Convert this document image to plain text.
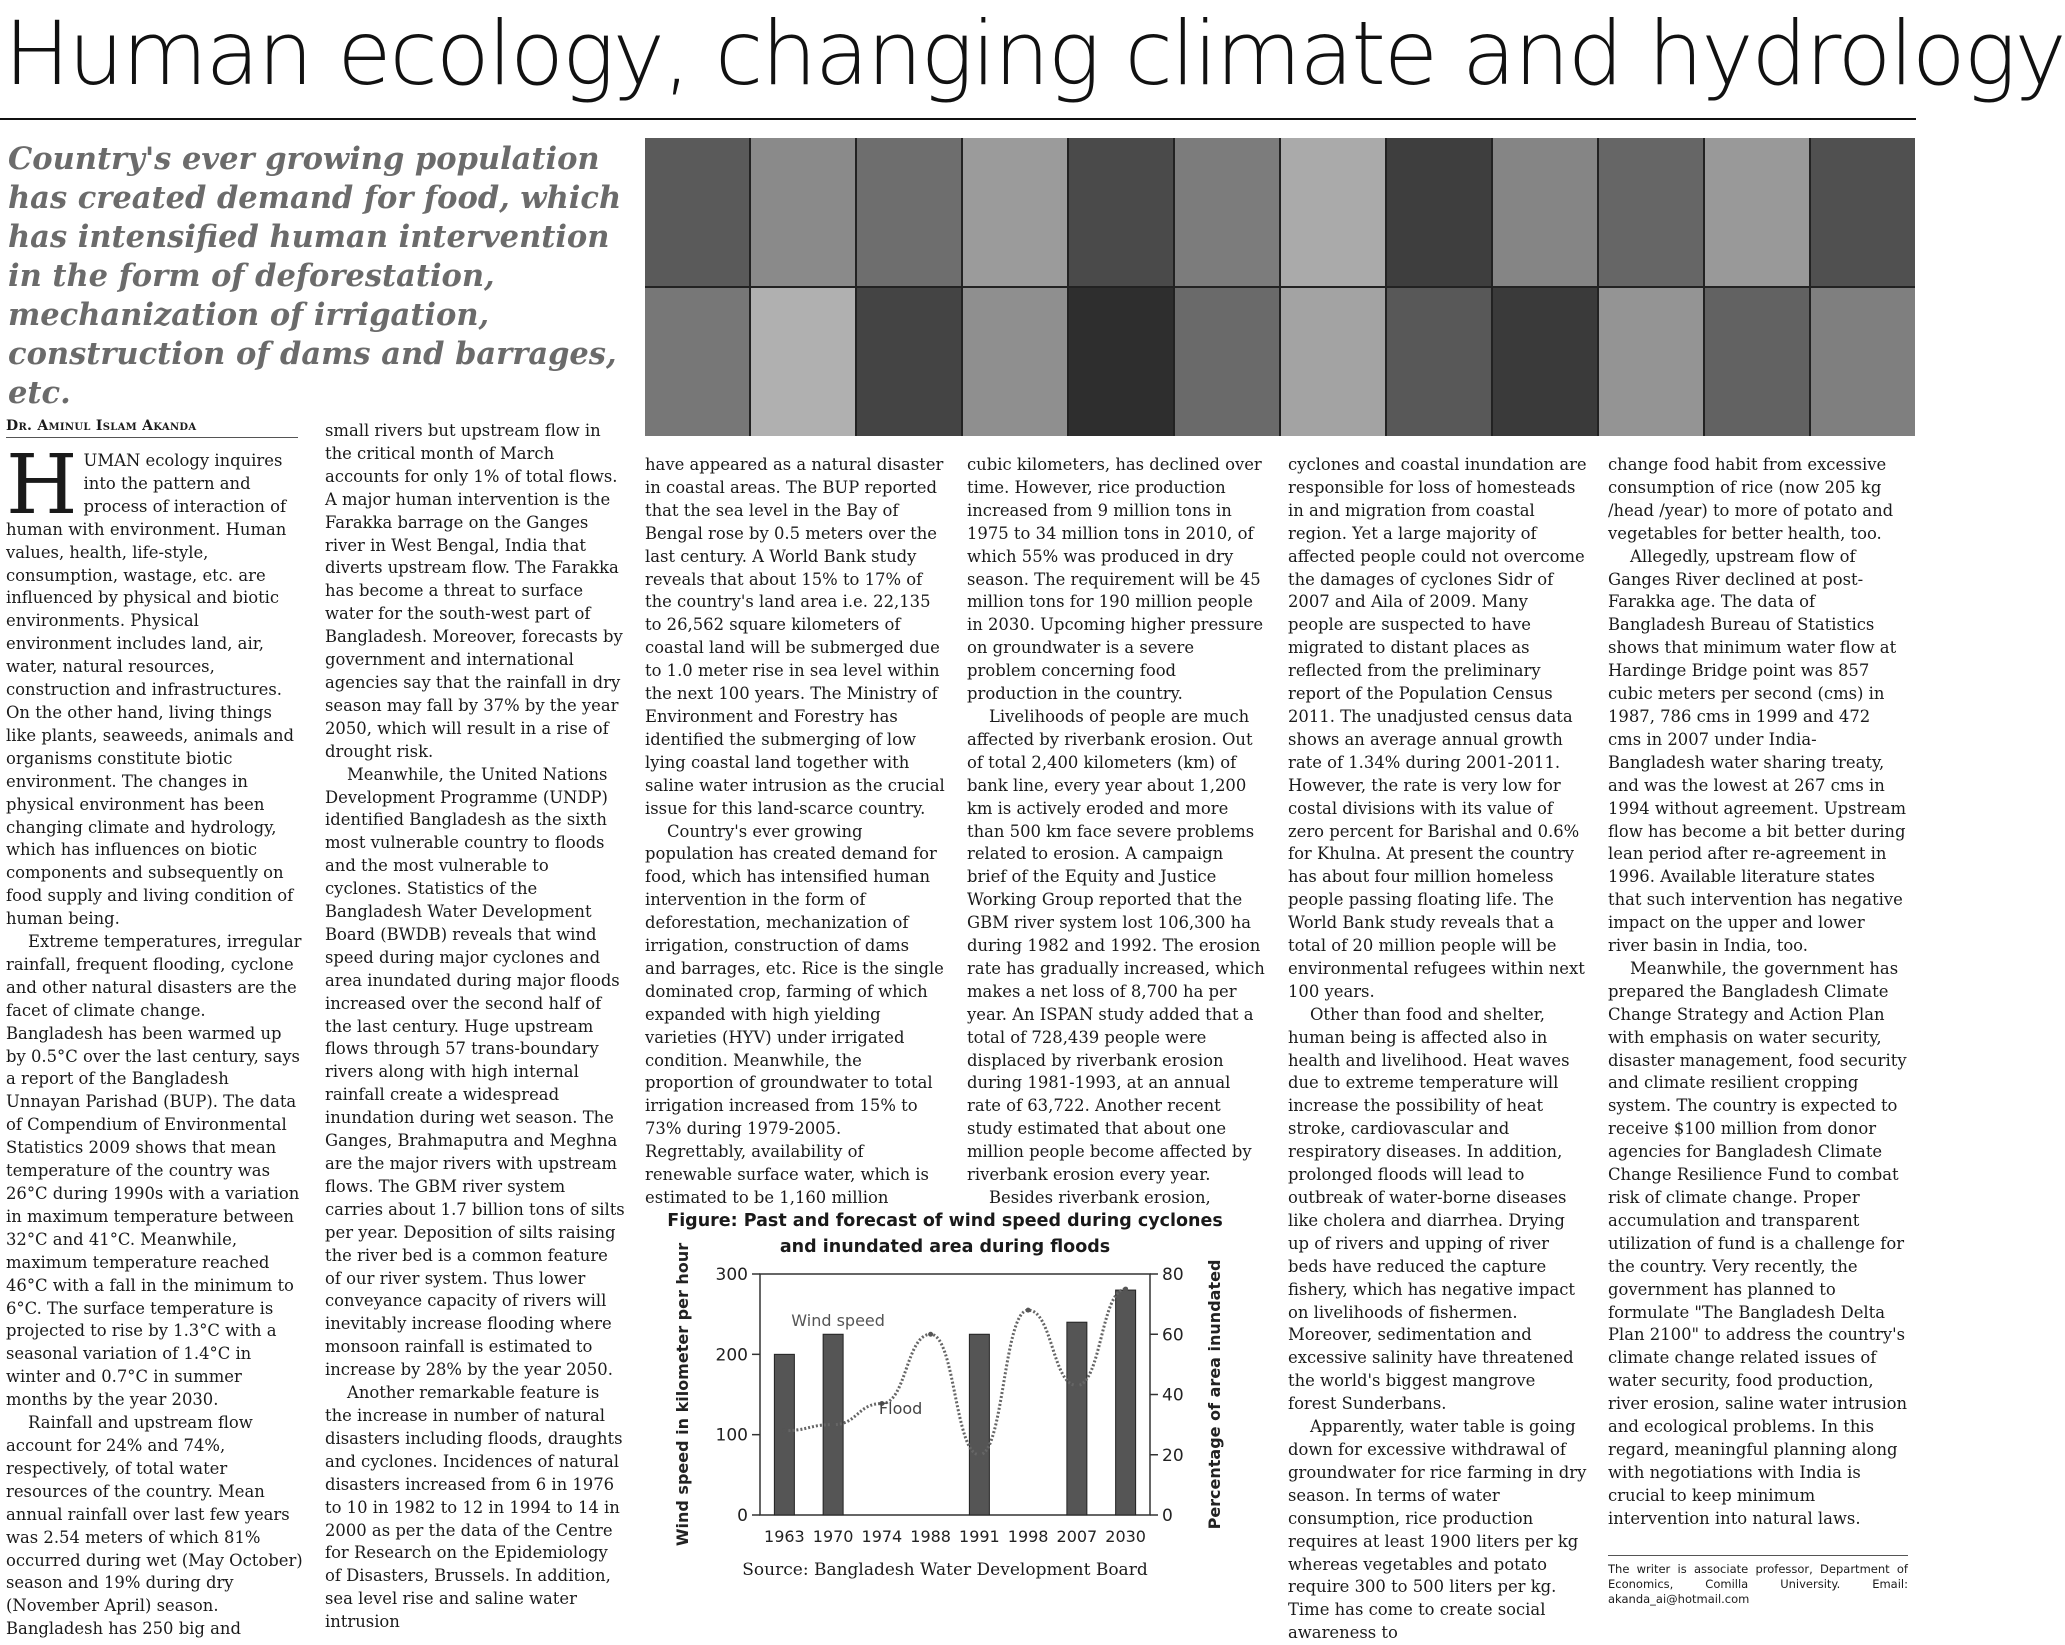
Human ecology, changing climate and hydrology
Country's ever growing population has created demand for food, which has intensified human intervention in the form of deforestation, mechanization of irrigation, construction of dams and barrages, etc.
Dr. Aminul Islam Akanda

HUMAN ecology inquires into the pattern and process of interaction of human with environment. Human values, health, life-style, consumption, wastage, etc. are influenced by physical and biotic environments. Physical environment includes land, air, water, natural resources, construction and infrastructures. On the other hand, living things like plants, seaweeds, animals and organisms constitute biotic environment. The changes in physical environment has been changing climate and hydrology, which has influences on biotic components and subsequently on food supply and living condition of human being.

Extreme temperatures, irregular rainfall, frequent flooding, cyclone and other natural disasters are the facet of climate change. Bangladesh has been warmed up by 0.5°C over the last century, says a report of the Bangladesh Unnayan Parishad (BUP). The data of Compendium of Environmental Statistics 2009 shows that mean temperature of the country was 26°C during 1990s with a variation in maximum temperature between 32°C and 41°C. Meanwhile, maximum temperature reached 46°C with a fall in the minimum to 6°C. The surface temperature is projected to rise by 1.3°C with a seasonal variation of 1.4°C in winter and 0.7°C in summer months by the year 2030.

Rainfall and upstream flow account for 24% and 74%, respectively, of total water resources of the country. Mean annual rainfall over last few years was 2.54 meters of which 81% occurred during wet (May October) season and 19% during dry (November April) season. Bangladesh has 250 big and

small rivers but upstream flow in the critical month of March accounts for only 1% of total flows. A major human intervention is the Farakka barrage on the Ganges river in West Bengal, India that diverts upstream flow. The Farakka has become a threat to surface water for the south-west part of Bangladesh. Moreover, forecasts by government and international agencies say that the rainfall in dry season may fall by 37% by the year 2050, which will result in a rise of drought risk.

Meanwhile, the United Nations Development Programme (UNDP) identified Bangladesh as the sixth most vulnerable country to floods and the most vulnerable to cyclones. Statistics of the Bangladesh Water Development Board (BWDB) reveals that wind speed during major cyclones and area inundated during major floods increased over the second half of the last century. Huge upstream flows through 57 trans-boundary rivers along with high internal rainfall create a widespread inundation during wet season. The Ganges, Brahmaputra and Meghna are the major rivers with upstream flows. The GBM river system carries about 1.7 billion tons of silts per year. Deposition of silts raising the river bed is a common feature of our river system. Thus lower conveyance capacity of rivers will inevitably increase flooding where monsoon rainfall is estimated to increase by 28% by the year 2050.

Another remarkable feature is the increase in number of natural disasters including floods, draughts and cyclones. Incidences of natural disasters increased from 6 in 1976 to 10 in 1982 to 12 in 1994 to 14 in 2000 as per the data of the Centre for Research on the Epidemiology of Disasters, Brussels. In addition, sea level rise and saline water intrusion

have appeared as a natural disaster in coastal areas. The BUP reported that the sea level in the Bay of Bengal rose by 0.5 meters over the last century. A World Bank study reveals that about 15% to 17% of the country's land area i.e. 22,135 to 26,562 square kilometers of coastal land will be submerged due to 1.0 meter rise in sea level within the next 100 years. The Ministry of Environment and Forestry has identified the submerging of low lying coastal land together with saline water intrusion as the crucial issue for this land-scarce country.

Country's ever growing population has created demand for food, which has intensified human intervention in the form of deforestation, mechanization of irrigation, construction of dams and barrages, etc. Rice is the single dominated crop, farming of which expanded with high yielding varieties (HYV) under irrigated condition. Meanwhile, the proportion of groundwater to total irrigation increased from 15% to 73% during 1979-2005. Regrettably, availability of renewable surface water, which is estimated to be 1,160 million

cubic kilometers, has declined over time. However, rice production increased from 9 million tons in 1975 to 34 million tons in 2010, of which 55% was produced in dry season. The requirement will be 45 million tons for 190 million people in 2030. Upcoming higher pressure on groundwater is a severe problem concerning food production in the country.

Livelihoods of people are much affected by riverbank erosion. Out of total 2,400 kilometers (km) of bank line, every year about 1,200 km is actively eroded and more than 500 km face severe problems related to erosion. A campaign brief of the Equity and Justice Working Group reported that the GBM river system lost 106,300 ha during 1982 and 1992. The erosion rate has gradually increased, which makes a net loss of 8,700 ha per year. An ISPAN study added that a total of 728,439 people were displaced by riverbank erosion during 1981-1993, at an annual rate of 63,722. Another recent study estimated that about one million people become affected by riverbank erosion every year.

Besides riverbank erosion,

cyclones and coastal inundation are responsible for loss of homesteads in and migration from coastal region. Yet a large majority of affected people could not overcome the damages of cyclones Sidr of 2007 and Aila of 2009. Many people are suspected to have migrated to distant places as reflected from the preliminary report of the Population Census 2011. The unadjusted census data shows an average annual growth rate of 1.34% during 2001-2011. However, the rate is very low for costal divisions with its value of zero percent for Barishal and 0.6% for Khulna. At present the country has about four million homeless people passing floating life. The World Bank study reveals that a total of 20 million people will be environmental refugees within next 100 years.

Other than food and shelter, human being is affected also in health and livelihood. Heat waves due to extreme temperature will increase the possibility of heat stroke, cardiovascular and respiratory diseases. In addition, prolonged floods will lead to outbreak of water-borne diseases like cholera and diarrhea. Drying up of rivers and upping of river beds have reduced the capture fishery, which has negative impact on livelihoods of fishermen. Moreover, sedimentation and excessive salinity have threatened the world's biggest mangrove forest Sunderbans.

Apparently, water table is going down for excessive withdrawal of groundwater for rice farming in dry season. In terms of water consumption, rice production requires at least 1900 liters per kg whereas vegetables and potato require 300 to 500 liters per kg. Time has come to create social awareness to

change food habit from excessive consumption of rice (now 205 kg /head /year) to more of potato and vegetables for better health, too.

Allegedly, upstream flow of Ganges River declined at post-Farakka age. The data of Bangladesh Bureau of Statistics shows that minimum water flow at Hardinge Bridge point was 857 cubic meters per second (cms) in 1987, 786 cms in 1999 and 472 cms in 2007 under India-Bangladesh water sharing treaty, and was the lowest at 267 cms in 1994 without agreement. Upstream flow has become a bit better during lean period after re-agreement in 1996. Available literature states that such intervention has negative impact on the upper and lower river basin in India, too.

Meanwhile, the government has prepared the Bangladesh Climate Change Strategy and Action Plan with emphasis on water security, disaster management, food security and climate resilient cropping system. The country is expected to receive $100 million from donor agencies for Bangladesh Climate Change Resilience Fund to combat risk of climate change. Proper accumulation and transparent utilization of fund is a challenge for the country. Very recently, the government has planned to formulate "The Bangladesh Delta Plan 2100" to address the country's climate change related issues of water security, food production, river erosion, saline water intrusion and ecological problems. In this regard, meaningful planning along with negotiations with India is crucial to keep minimum intervention into natural laws.

The writer is associate professor, Department of Economics, Comilla University. Email: akanda_ai@hotmail.com
Figure: Past and forecast of wind speed during cyclones and inundated area during floods
0
100
200
300
0
20
40
60
80
1963 1970 1974 1988 1991 1998 2007 2030
Wind speed
Flood
Wind speed in kilometer per hour	Percentage of area inundated
Source: Bangladesh Water Development Board
